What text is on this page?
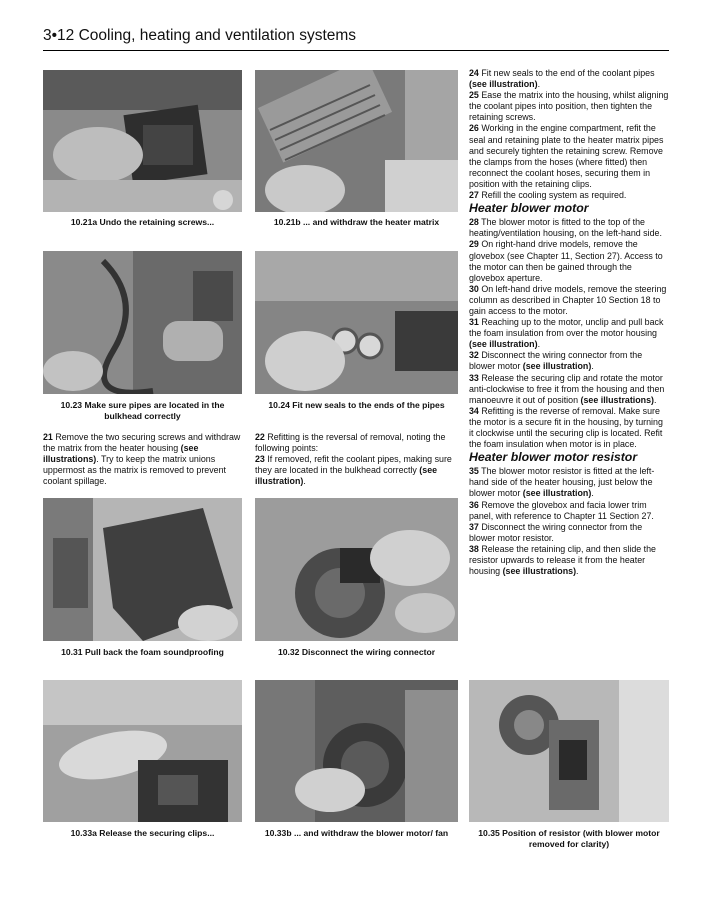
3•12 Cooling, heating and ventilation systems
10.21a Undo the retaining screws...	10.21b ... and withdraw the heater matrix
10.23 Make sure pipes are located in the bulkhead correctly
10.24 Fit new seals to the ends of the pipes

21 Remove the two securing screws and withdraw the matrix from the heater housing (see illustrations). Try to keep the matrix unions uppermost as the matrix is removed to prevent coolant spillage.

22 Refitting is the reversal of removal, noting the following points:

23 If removed, refit the coolant pipes, making sure they are located in the bulkhead correctly (see illustration).

10.31 Pull back the foam soundproofing	10.32 Disconnect the wiring connector

24 Fit new seals to the end of the coolant pipes (see illustration).

25 Ease the matrix into the housing, whilst aligning the coolant pipes into position, then tighten the retaining screws.

26 Working in the engine compartment, refit the seal and retaining plate to the heater matrix pipes and securely tighten the retaining screw. Remove the clamps from the hoses (where fitted) then reconnect the coolant hoses, securing them in position with the retaining clips.

27 Refill the cooling system as required.

Heater blower motor

28 The blower motor is fitted to the top of the heating/ventilation housing, on the left-hand side.

29 On right-hand drive models, remove the glovebox (see Chapter 11, Section 27). Access to the motor can then be gained through the glovebox aperture.

30 On left-hand drive models, remove the steering column as described in Chapter 10 Section 18 to gain access to the motor.

31 Reaching up to the motor, unclip and pull back the foam insulation from over the motor housing (see illustration).

32 Disconnect the wiring connector from the blower motor (see illustration).

33 Release the securing clip and rotate the motor anti-clockwise to free it from the housing and then manoeuvre it out of position (see illustrations).

34 Refitting is the reverse of removal. Make sure the motor is a secure fit in the housing, by turning it clockwise until the securing clip is located. Refit the foam insulation when motor is in place.

Heater blower motor resistor

35 The blower motor resistor is fitted at the left-hand side of the heater housing, just below the blower motor (see illustration).

36 Remove the glovebox and facia lower trim panel, with reference to Chapter 11 Section 27.

37 Disconnect the wiring connector from the blower motor resistor.

38 Release the retaining clip, and then slide the resistor upwards to release it from the heater housing (see illustrations).

10.33a Release the securing clips...	10.33b ... and withdraw the blower motor/ fan	10.35 Position of resistor (with blower motor removed for clarity)
